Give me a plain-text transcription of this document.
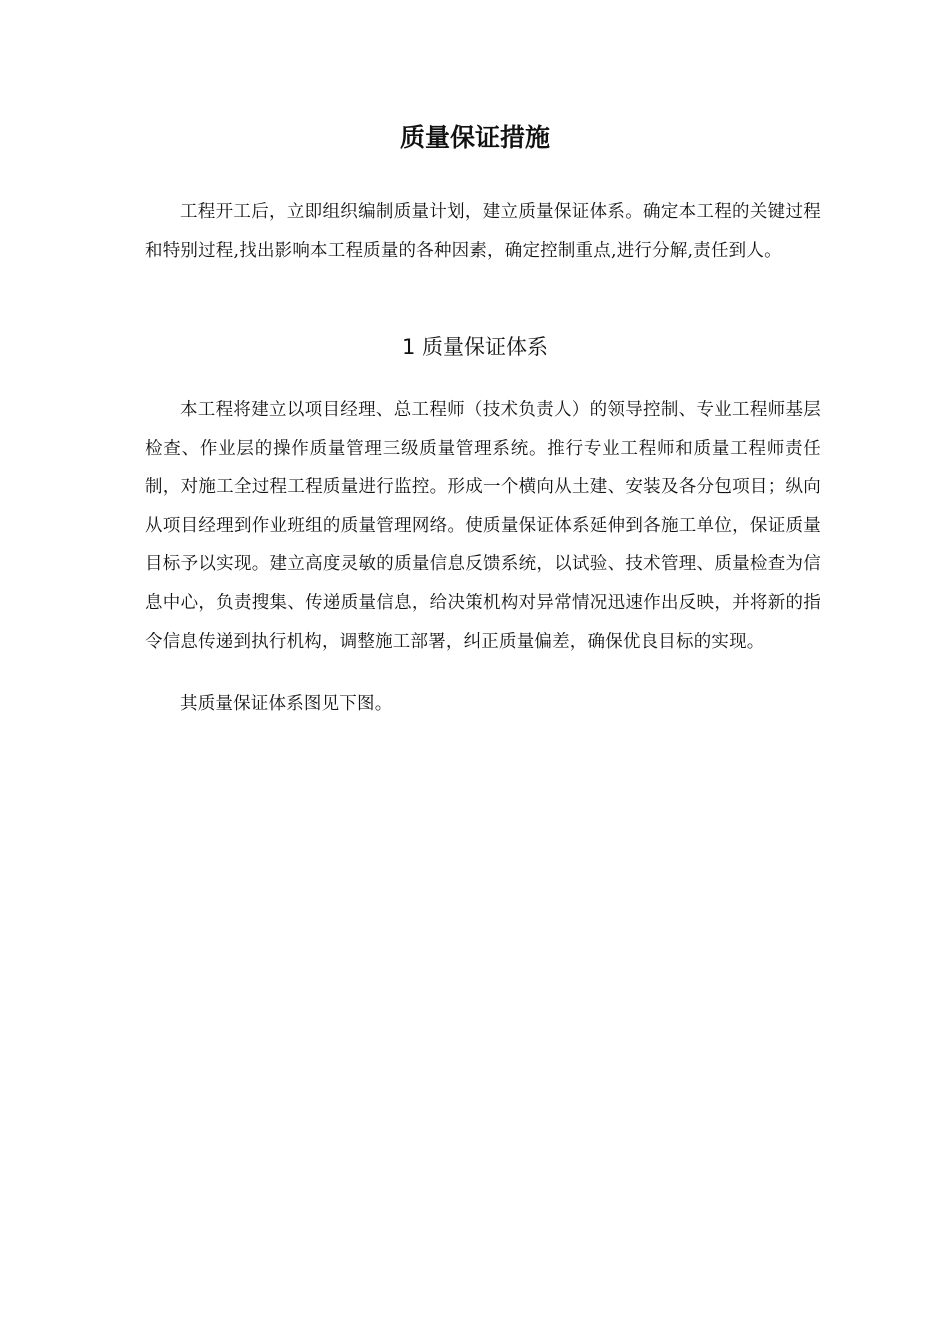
质量保证措施

工程开工后，立即组织编制质量计划，建立质量保证体系。确定本工程的关键过程和特别过程,找出影响本工程质量的各种因素，确定控制重点,进行分解,责任到人。

1 质量保证体系

本工程将建立以项目经理、总工程师（技术负责人）的领导控制、专业工程师基层检查、作业层的操作质量管理三级质量管理系统。推行专业工程师和质量工程师责任制，对施工全过程工程质量进行监控。形成一个横向从土建、安装及各分包项目；纵向从项目经理到作业班组的质量管理网络。使质量保证体系延伸到各施工单位，保证质量目标予以实现。建立高度灵敏的质量信息反馈系统，以试验、技术管理、质量检查为信息中心，负责搜集、传递质量信息，给决策机构对异常情况迅速作出反映，并将新的指令信息传递到执行机构，调整施工部署，纠正质量偏差，确保优良目标的实现。

其质量保证体系图见下图。
